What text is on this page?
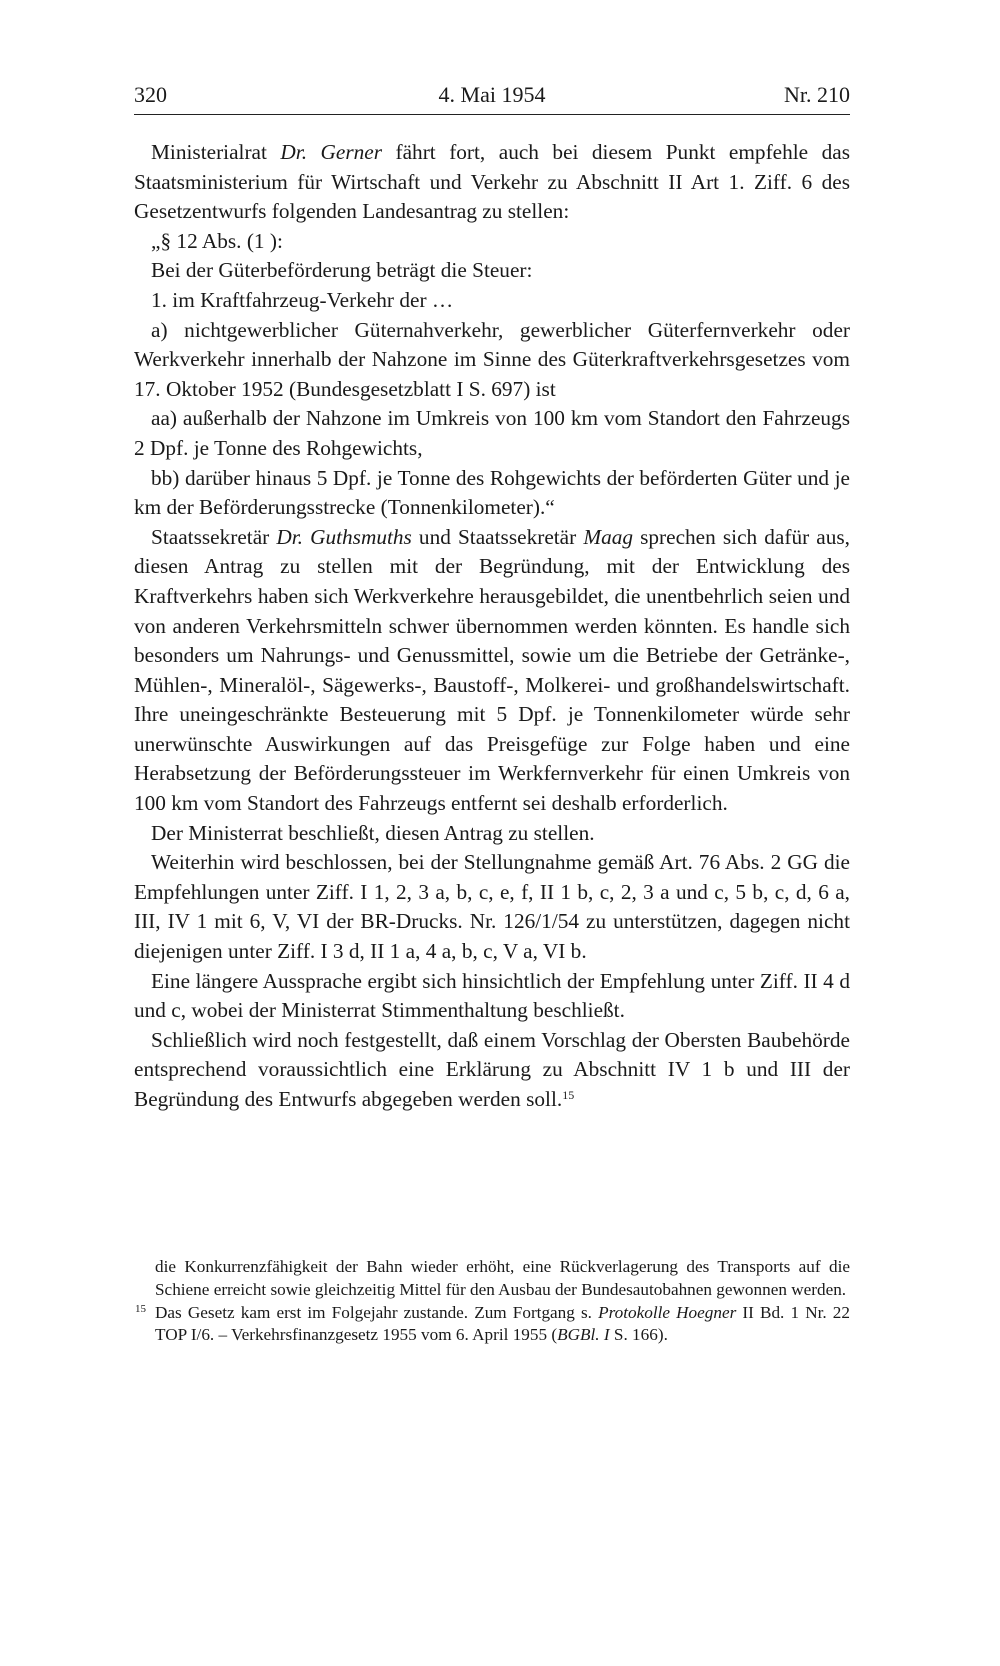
320	4. Mai 1954	Nr. 210

Ministerialrat Dr. Gerner fährt fort, auch bei diesem Punkt empfehle das Staatsministerium für Wirtschaft und Verkehr zu Abschnitt II Art 1. Ziff. 6 des Gesetzentwurfs folgenden Landesantrag zu stellen:

„§ 12 Abs. (1 ):

Bei der Güterbeförderung beträgt die Steuer:

1. im Kraftfahrzeug-Verkehr der …

a) nichtgewerblicher Güternahverkehr, gewerblicher Güterfernverkehr oder Werkverkehr innerhalb der Nahzone im Sinne des Güterkraftverkehrsgesetzes vom 17. Oktober 1952 (Bundesgesetzblatt I S. 697) ist

aa) außerhalb der Nahzone im Umkreis von 100 km vom Standort den Fahrzeugs 2 Dpf. je Tonne des Rohgewichts,

bb) darüber hinaus 5 Dpf. je Tonne des Rohgewichts der beförderten Güter und je km der Beförderungsstrecke (Tonnenkilometer).“

Staatssekretär Dr. Guthsmuths und Staatssekretär Maag sprechen sich dafür aus, diesen Antrag zu stellen mit der Begründung, mit der Entwicklung des Kraftverkehrs haben sich Werkverkehre herausgebildet, die unentbehrlich seien und von anderen Verkehrsmitteln schwer übernommen werden könnten. Es handle sich besonders um Nahrungs- und Genussmittel, sowie um die Betriebe der Getränke-, Mühlen-, Mineralöl-, Sägewerks-, Baustoff-, Molkerei- und großhandelswirtschaft. Ihre uneingeschränkte Besteuerung mit 5 Dpf. je Tonnenkilometer würde sehr unerwünschte Auswirkungen auf das Preisgefüge zur Folge haben und eine Herabsetzung der Beförderungssteuer im Werkfernverkehr für einen Umkreis von 100 km vom Standort des Fahrzeugs entfernt sei deshalb erforderlich.

Der Ministerrat beschließt, diesen Antrag zu stellen.

Weiterhin wird beschlossen, bei der Stellungnahme gemäß Art. 76 Abs. 2 GG die Empfehlungen unter Ziff. I 1, 2, 3 a, b, c, e, f, II 1 b, c, 2, 3 a und c, 5 b, c, d, 6 a, III, IV 1 mit 6, V, VI der BR-Drucks. Nr. 126/1/54 zu unterstützen, dagegen nicht diejenigen unter Ziff. I 3 d, II 1 a, 4 a, b, c, V a, VI b.

Eine längere Aussprache ergibt sich hinsichtlich der Empfehlung unter Ziff. II 4 d und c, wobei der Ministerrat Stimmenthaltung beschließt.

Schließlich wird noch festgestellt, daß einem Vorschlag der Obersten Baubehörde entsprechend voraussichtlich eine Erklärung zu Abschnitt IV 1 b und III der Begründung des Entwurfs abgegeben werden soll.$^{15}$

die Konkurrenzfähigkeit der Bahn wieder erhöht, eine Rückverlagerung des Transports auf die Schiene erreicht sowie gleichzeitig Mittel für den Ausbau der Bundesautobahnen gewonnen werden.

15 Das Gesetz kam erst im Folgejahr zustande. Zum Fortgang s. Protokolle Hoegner II Bd. 1 Nr. 22 TOP I/6. – Verkehrsfinanzgesetz 1955 vom 6. April 1955 (BGBl. I S. 166).
